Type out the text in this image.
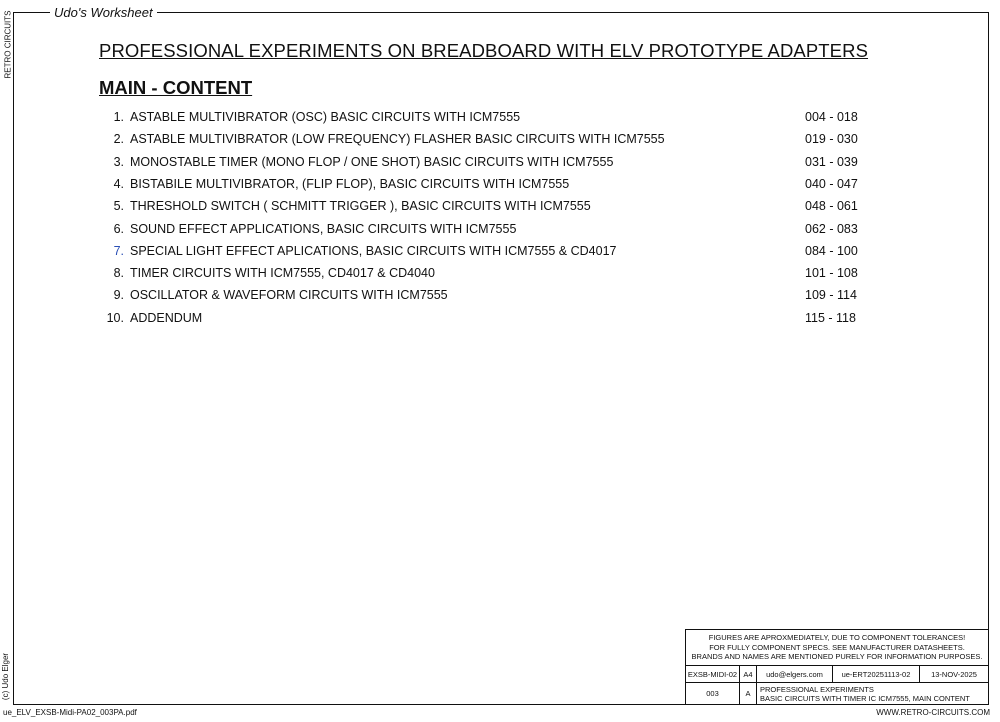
Udo's Worksheet
RETRO CIRCUITS
(c) Udo Elger
PROFESSIONAL EXPERIMENTS ON BREADBOARD WITH ELV PROTOTYPE ADAPTERS
MAIN - CONTENT
1. ASTABLE MULTIVIBRATOR (OSC) BASIC CIRCUITS WITH ICM7555	004 - 018
2. ASTABLE MULTIVIBRATOR (LOW FREQUENCY) FLASHER BASIC CIRCUITS WITH ICM7555	019 - 030
3. MONOSTABLE TIMER (MONO FLOP / ONE SHOT) BASIC CIRCUITS WITH ICM7555	031 - 039
4. BISTABILE MULTIVIBRATOR, (FLIP FLOP), BASIC CIRCUITS WITH ICM7555	040 - 047
5. THRESHOLD SWITCH ( SCHMITT TRIGGER ), BASIC CIRCUITS WITH ICM7555	048 - 061
6. SOUND EFFECT APPLICATIONS, BASIC CIRCUITS WITH ICM7555	062 - 083
7. SPECIAL LIGHT EFFECT APLICATIONS, BASIC CIRCUITS WITH ICM7555 & CD4017	084 - 100
8. TIMER CIRCUITS WITH ICM7555, CD4017 & CD4040	101 - 108
9. OSCILLATOR & WAVEFORM CIRCUITS WITH ICM7555	109 - 114
10. ADDENDUM	115 - 118
FIGURES ARE APROXMEDIATELY, DUE TO COMPONENT TOLERANCES!
FOR FULLY COMPONENT SPECS. SEE MANUFACTURER DATASHEETS.
BRANDS AND NAMES ARE MENTIONED PURELY FOR INFORMATION PURPOSES.
EXSB-MIDI-02 A4	udo@elgers.com	ue-ERT20251113-02	13-NOV-2025
003	A	PROFESSIONAL EXPERIMENTS
BASIC CIRCUITS WITH TIMER IC ICM7555, MAIN CONTENT
ue_ELV_EXSB-Midi-PA02_003PA.pdf	WWW.RETRO-CIRCUITS.COM
